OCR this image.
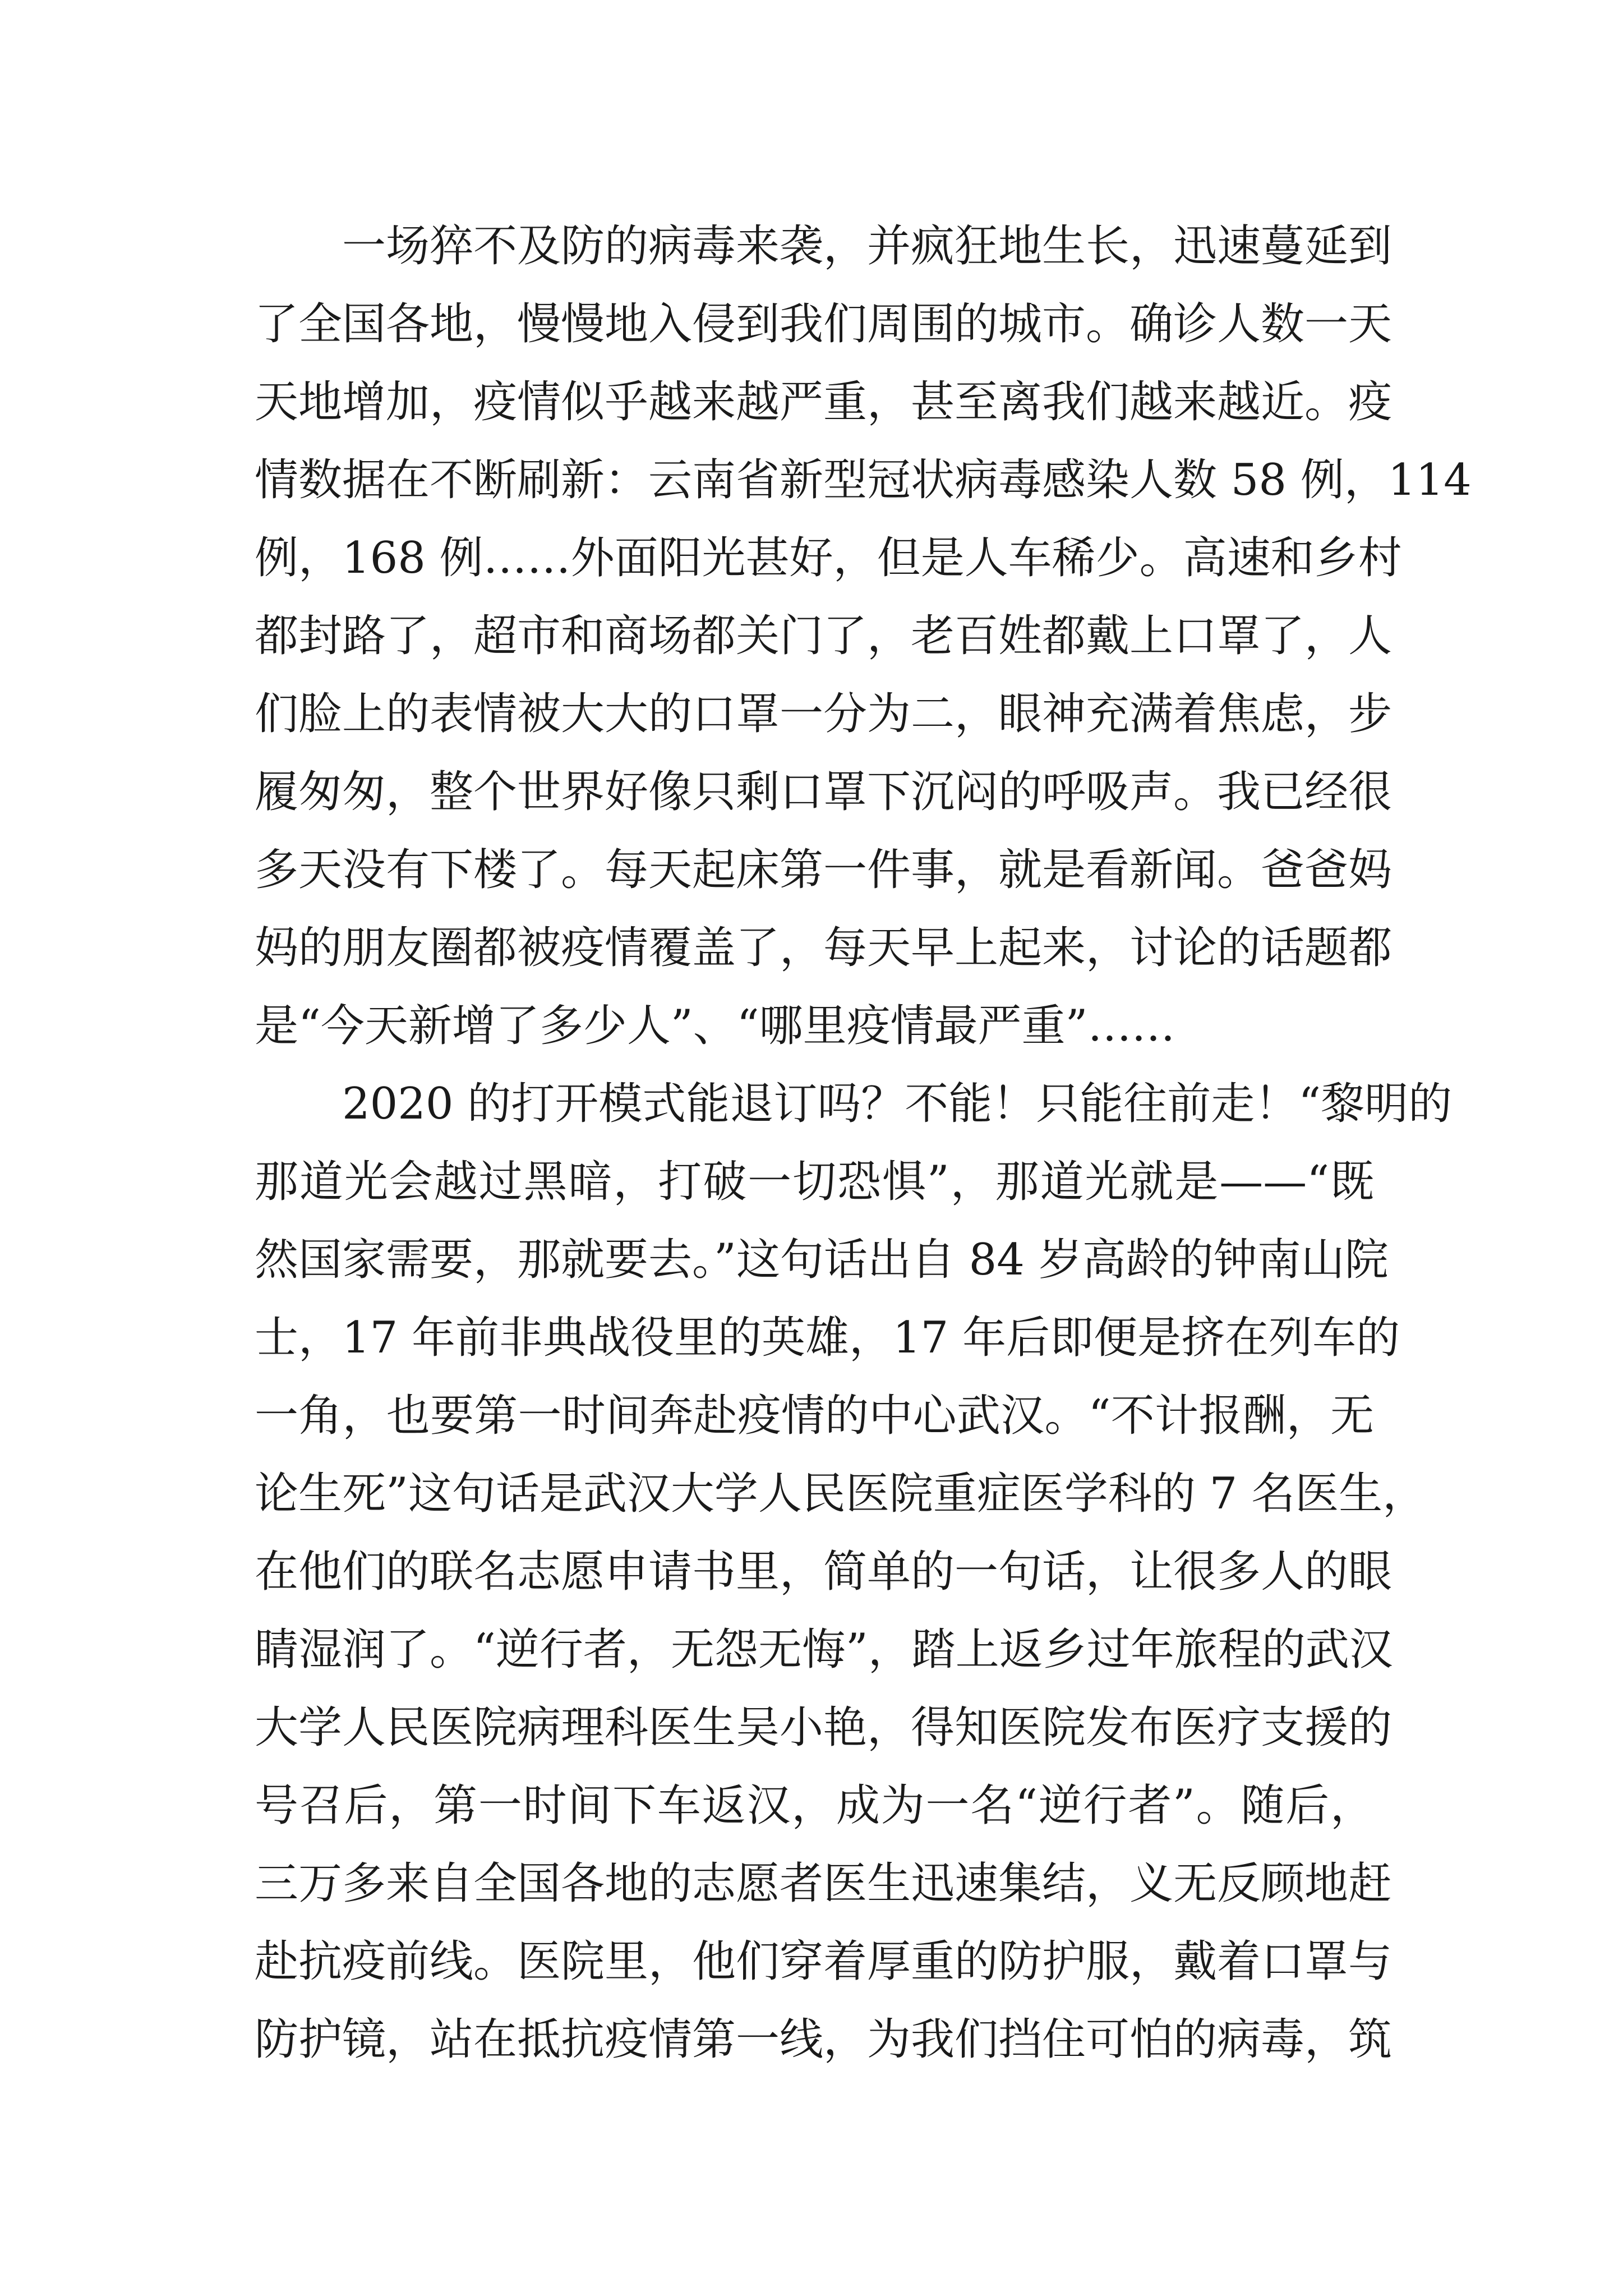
一场猝不及防的病毒来袭，并疯狂地生长，迅速蔓延到
了全国各地，慢慢地入侵到我们周围的城市。确诊人数一天
天地增加，疫情似乎越来越严重，甚至离我们越来越近。疫
情数据在不断刷新：云南省新型冠状病毒感染人数 58 例，114
例，168 例……外面阳光甚好，但是人车稀少。高速和乡村
都封路了，超市和商场都关门了，老百姓都戴上口罩了，人
们脸上的表情被大大的口罩一分为二，眼神充满着焦虑，步
履匆匆，整个世界好像只剩口罩下沉闷的呼吸声。我已经很
多天没有下楼了。每天起床第一件事，就是看新闻。爸爸妈
妈的朋友圈都被疫情覆盖了，每天早上起来，讨论的话题都
是“今天新增了多少人”、“哪里疫情最严重”……
2020 的打开模式能退订吗？不能！只能往前走！“黎明的
那道光会越过黑暗，打破一切恐惧”，那道光就是——“既
然国家需要，那就要去。”这句话出自 84 岁高龄的钟南山院
士，17 年前非典战役里的英雄，17 年后即便是挤在列车的
一角，也要第一时间奔赴疫情的中心武汉。“不计报酬，无
论生死”这句话是武汉大学人民医院重症医学科的 7 名医生，
在他们的联名志愿申请书里，简单的一句话，让很多人的眼
睛湿润了。“逆行者，无怨无悔”，踏上返乡过年旅程的武汉
大学人民医院病理科医生吴小艳，得知医院发布医疗支援的
号召后，第一时间下车返汉，成为一名“逆行者”。随后，
三万多来自全国各地的志愿者医生迅速集结，义无反顾地赶
赴抗疫前线。医院里，他们穿着厚重的防护服，戴着口罩与
防护镜，站在抵抗疫情第一线，为我们挡住可怕的病毒，筑
